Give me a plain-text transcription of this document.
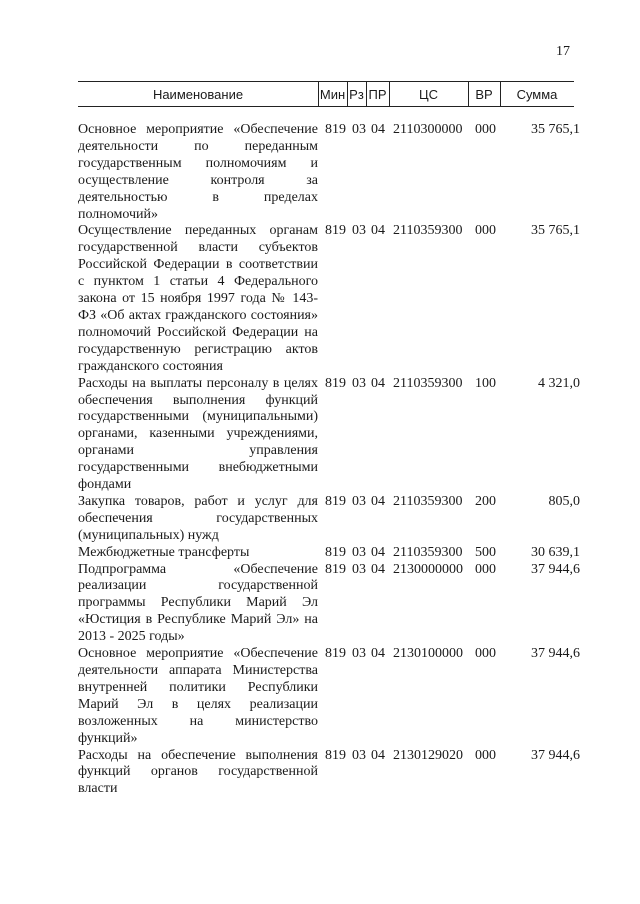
17
Наименование	Мин Рз ПР	ЦС	ВР	Сумма
Основное мероприятие «Обеспечение деятельности по переданным государственным полномочиям и осуществление контроля за деятельностью в пределах полномочий»
819 03 04 2110300000 000	35 765,1
Осуществление переданных органам государственной власти субъектов Российской Федерации в соответствии с пунктом 1 статьи 4 Федерального закона от 15 ноября 1997 года № 143-ФЗ «Об актах гражданского состояния» полномочий Российской Федерации на государственную регистрацию актов гражданского состояния
819 03 04 2110359300 000	35 765,1
Расходы на выплаты персоналу в целях обеспечения выполнения функций государственными (муниципальными) органами, казенными учреждениями, органами управления государственными внебюджетными фондами
819 03 04 2110359300 100	4 321,0
Закупка товаров, работ и услуг для обеспечения государственных (муниципальных) нужд
819 03 04 2110359300 200	805,0
Межбюджетные трансферты	819 03 04 2110359300 500	30 639,1
Подпрограмма «Обеспечение реализации государственной программы Республики Марий Эл «Юстиция в Республике Марий Эл» на 2013 - 2025 годы»
819 03 04 2130000000 000	37 944,6
Основное мероприятие «Обеспечение деятельности аппарата Министерства внутренней политики Республики Марий Эл в целях реализации возложенных на министерство функций»
819 03 04 2130100000 000	37 944,6
Расходы на обеспечение выполнения функций органов государственной власти
819 03 04 2130129020 000	37 944,6
